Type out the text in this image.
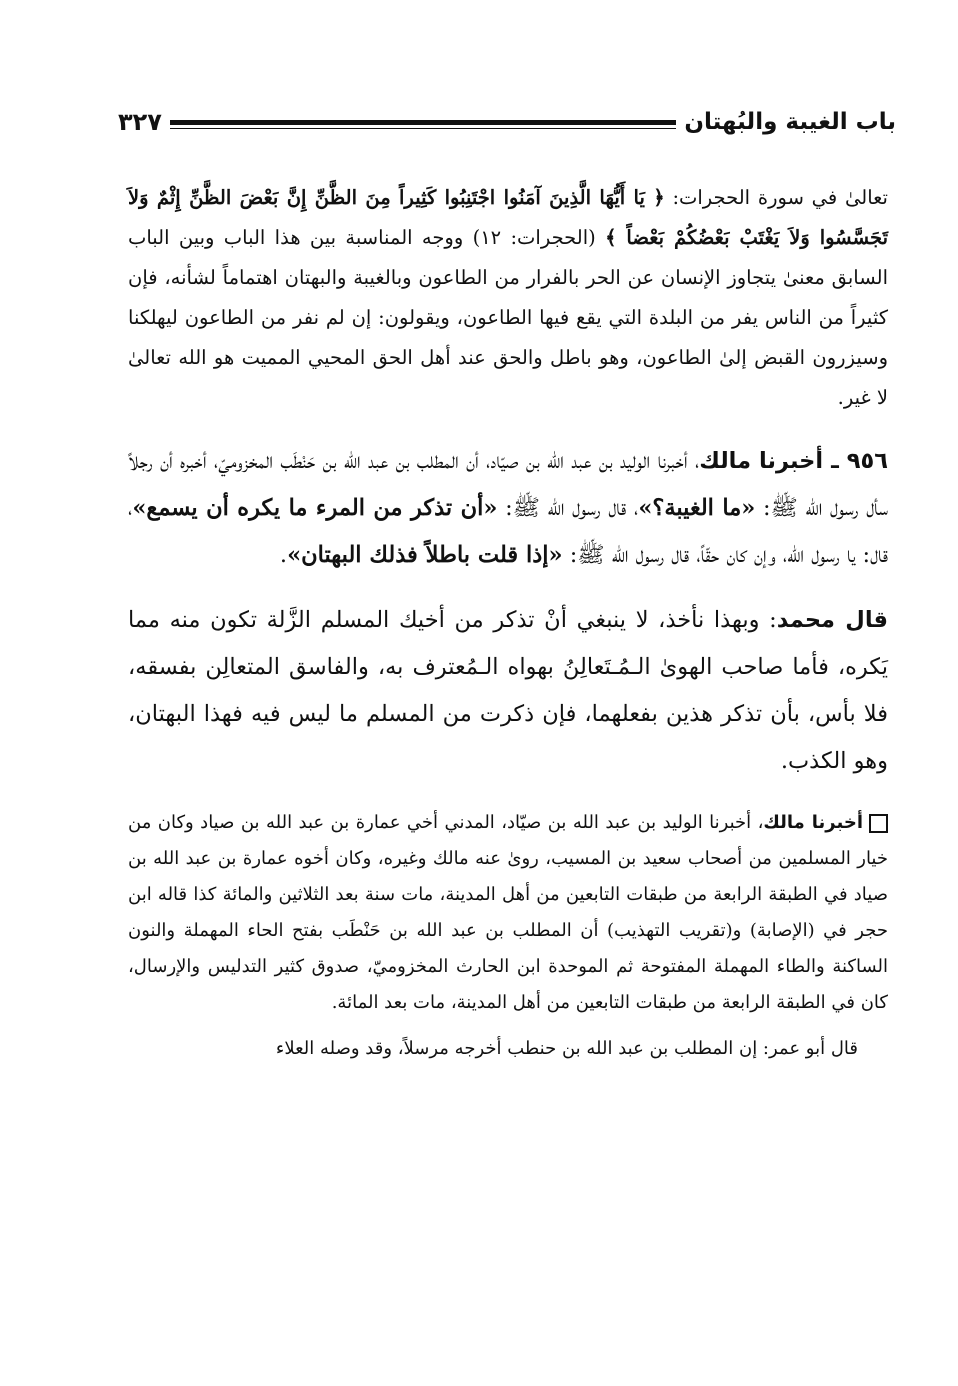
باب الغيبة والبُهتان
٣٢٧

تعالىٰ في سورة الحجرات: ﴿ يَا أَيُّهَا الَّذِينَ آمَنُوا اجْتَنِبُوا كَثِيراً مِنَ الظَّنِّ إِنَّ بَعْضَ الظَّنِّ إِثْمٌ وَلاَ تَجَسَّسُوا وَلاَ يَغْتَبْ بَعْضُكُمْ بَعْضاً ﴾ (الحجرات: ١٢) ووجه المناسبة بين هذا الباب وبين الباب السابق معنىٰ يتجاوز الإنسان عن الحر بالفرار من الطاعون وبالغيبة والبهتان اهتماماً لشأنه، فإن كثيراً من الناس يفر من البلدة التي يقع فيها الطاعون، ويقولون: إن لم نفر من الطاعون ليهلكنا وسيزرون القبض إلىٰ الطاعون، وهو باطل والحق عند أهل الحق المحيي المميت هو الله تعالىٰ لا غير.

٩٥٦ ـ أخبرنا مالك، أخبرنا الوليد بن عبد الله بن صيّاد، أن المطلب بن عبد الله بن حَنْطَب المخزوميّ، أخبره أن رجلاً سأل رسول الله ﷺ: «ما الغيبة؟»، قال رسول الله ﷺ: «أن تذكر من المرء ما يكره أن يسمع»، قال: يا رسول الله، وإن كان حقّاً، قال رسول الله ﷺ: «إذا قلت باطلاً فذلك البهتان».

قال محمد: وبهذا نأخذ، لا ينبغي أنْ تذكر من أخيك المسلم الزَّلة تكون منه مما يَكره، فأما صاحب الهوىٰ الـمُـتَعالِنُ بهواه الـمُعترف به، والفاسق المتعالِن بفسقه، فلا بأس، بأن تذكر هذين بفعلهما، فإن ذكرت من المسلم ما ليس فيه فهذا البهتان، وهو الكذب.

أخبرنا مالك، أخبرنا الوليد بن عبد الله بن صيّاد، المدني أخي عمارة بن عبد الله بن صياد وكان من خيار المسلمين من أصحاب سعيد بن المسيب، روىٰ عنه مالك وغيره، وكان أخوه عمارة بن عبد الله بن صياد في الطبقة الرابعة من طبقات التابعين من أهل المدينة، مات سنة بعد الثلاثين والمائة كذا قاله ابن حجر في (الإصابة) و(تقريب التهذيب) أن المطلب بن عبد الله بن حَنْطَب بفتح الحاء المهملة والنون الساكنة والطاء المهملة المفتوحة ثم الموحدة ابن الحارث المخزوميّ، صدوق كثير التدليس والإرسال، كان في الطبقة الرابعة من طبقات التابعين من أهل المدينة، مات بعد المائة.

قال أبو عمر: إن المطلب بن عبد الله بن حنطب أخرجه مرسلاً، وقد وصله العلاء
